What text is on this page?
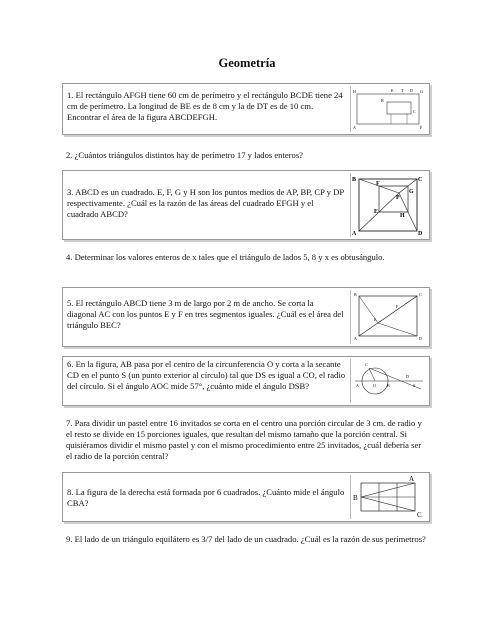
Geometría
1. El rectángulo AFGH tiene 60 cm de perímetro y el rectángulo BCDE tiene 24 cm de perímetro. La longitud de BE es de 8 cm y la de DT es de 10 cm. Encontrar el área de la figura ABCDEFGH.
B
E T D
C
H	G
A	F
2. ¿Cuántos triángulos distintos hay de perímetro 17 y lados enteros?
3. ABCD es un cuadrado. E, F, G y H son los puntos medios de AP, BP, CP y DP respectivamente. ¿Cuál es la razón de las áreas del cuadrado EFGH y el cuadrado ABCD?
B	C
F
P
G
E
H
A	D
4. Determinar los valores enteros de x tales que el triángulo de lados 5, 8 y x es obtusángulo.
5. El rectángulo ABCD tiene 3 m de largo por 2 m de ancho. Se corta la diagonal AC con los puntos E y F en tres segmentos iguales. ¿Cuál es el área del triángulo BEC?
B	C
F
E
A	D
6. En la figura, AB pasa por el centro de la circunferencia O y corta a la secante CD en el punto S (un punto exterior al círculo) tal que DS es igual a CO, el radio del círculo. Si el ángulo AOC mide 57°, ¿cuánto mide el ángulo DSB?
C
A	O	B	S
D
7. Para dividir un pastel entre 16 invitados se corta en el centro una porción circular de 3 cm. de radio y el resto se divide en 15 porciones iguales, que resultan del mismo tamaño que la porción central. Si quisiéramos dividir el mismo pastel y con el mismo procedimiento entre 25 invitados, ¿cuál debería ser el radio de la porción central?
8. La figura de la derecha está formada por 6 cuadrados. ¿Cuánto mide el ángulo CBA?
A
B
C
9. El lado de un triángulo equilátero es 3/7 del lado de un cuadrado. ¿Cuál es la razón de sus perímetros?
